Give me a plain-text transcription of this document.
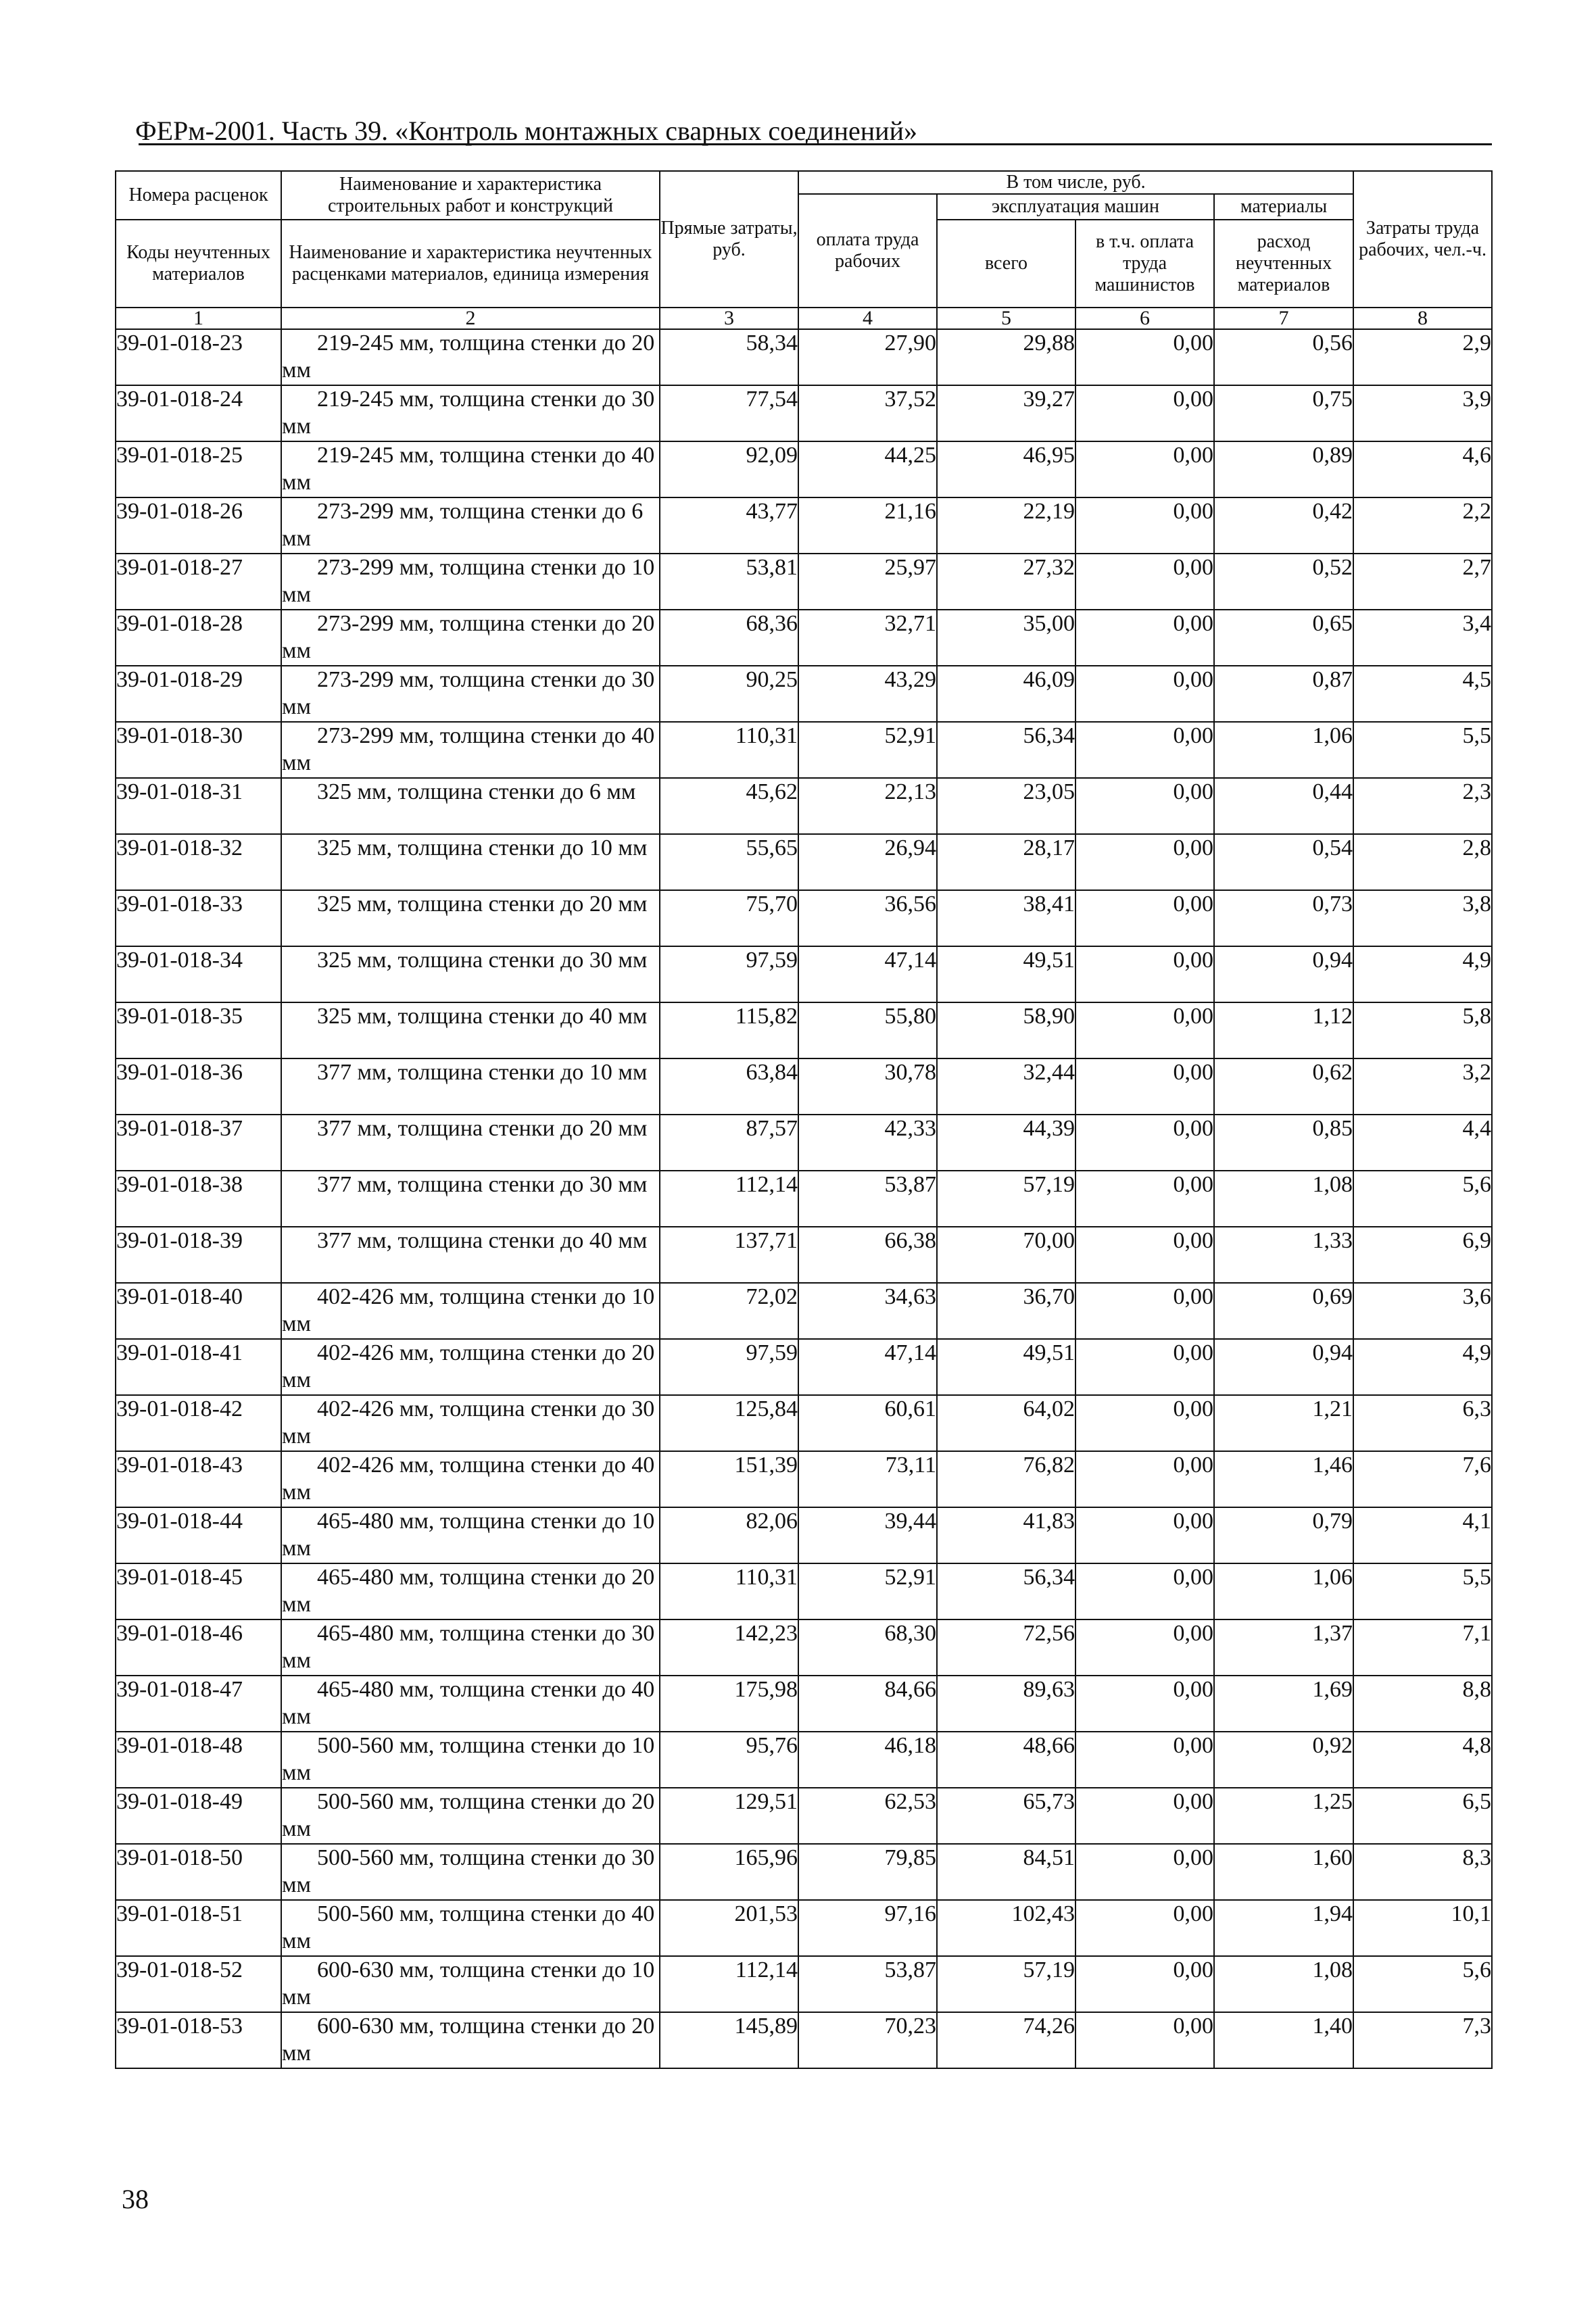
ФЕРм-2001. Часть 39. «Контроль монтажных сварных соединений»
Номера расценок	Наименование и характеристика строительных работ и конструкций	Прямые затраты, руб.	В том числе, руб.				Затраты труда рабочих, чел.-ч.
			оплата труда рабочих	эксплуатация машин		материалы	
Коды неучтенных материалов	Наименование и характеристика неучтенных расценками материалов, единица измерения			всего	в т.ч. оплата труда машинистов	расход неучтенных материалов	

1	2	3	4	5	6	7	8
39-01-018-23	219-245 мм, толщина стенки до 20 мм	58,34	27,90	29,88	0,00	0,56	2,9
39-01-018-24	219-245 мм, толщина стенки до 30 мм	77,54	37,52	39,27	0,00	0,75	3,9
39-01-018-25	219-245 мм, толщина стенки до 40 мм	92,09	44,25	46,95	0,00	0,89	4,6
39-01-018-26	273-299 мм, толщина стенки до 6 мм	43,77	21,16	22,19	0,00	0,42	2,2
39-01-018-27	273-299 мм, толщина стенки до 10 мм	53,81	25,97	27,32	0,00	0,52	2,7
39-01-018-28	273-299 мм, толщина стенки до 20 мм	68,36	32,71	35,00	0,00	0,65	3,4
39-01-018-29	273-299 мм, толщина стенки до 30 мм	90,25	43,29	46,09	0,00	0,87	4,5
39-01-018-30	273-299 мм, толщина стенки до 40 мм	110,31	52,91	56,34	0,00	1,06	5,5
39-01-018-31	325 мм, толщина стенки до 6 мм	45,62	22,13	23,05	0,00	0,44	2,3
39-01-018-32	325 мм, толщина стенки до 10 мм	55,65	26,94	28,17	0,00	0,54	2,8
39-01-018-33	325 мм, толщина стенки до 20 мм	75,70	36,56	38,41	0,00	0,73	3,8
39-01-018-34	325 мм, толщина стенки до 30 мм	97,59	47,14	49,51	0,00	0,94	4,9
39-01-018-35	325 мм, толщина стенки до 40 мм	115,82	55,80	58,90	0,00	1,12	5,8
39-01-018-36	377 мм, толщина стенки до 10 мм	63,84	30,78	32,44	0,00	0,62	3,2
39-01-018-37	377 мм, толщина стенки до 20 мм	87,57	42,33	44,39	0,00	0,85	4,4
39-01-018-38	377 мм, толщина стенки до 30 мм	112,14	53,87	57,19	0,00	1,08	5,6
39-01-018-39	377 мм, толщина стенки до 40 мм	137,71	66,38	70,00	0,00	1,33	6,9
39-01-018-40	402-426 мм, толщина стенки до 10 мм	72,02	34,63	36,70	0,00	0,69	3,6
39-01-018-41	402-426 мм, толщина стенки до 20 мм	97,59	47,14	49,51	0,00	0,94	4,9
39-01-018-42	402-426 мм, толщина стенки до 30 мм	125,84	60,61	64,02	0,00	1,21	6,3
39-01-018-43	402-426 мм, толщина стенки до 40 мм	151,39	73,11	76,82	0,00	1,46	7,6
39-01-018-44	465-480 мм, толщина стенки до 10 мм	82,06	39,44	41,83	0,00	0,79	4,1
39-01-018-45	465-480 мм, толщина стенки до 20 мм	110,31	52,91	56,34	0,00	1,06	5,5
39-01-018-46	465-480 мм, толщина стенки до 30 мм	142,23	68,30	72,56	0,00	1,37	7,1
39-01-018-47	465-480 мм, толщина стенки до 40 мм	175,98	84,66	89,63	0,00	1,69	8,8
39-01-018-48	500-560 мм, толщина стенки до 10 мм	95,76	46,18	48,66	0,00	0,92	4,8
39-01-018-49	500-560 мм, толщина стенки до 20 мм	129,51	62,53	65,73	0,00	1,25	6,5
39-01-018-50	500-560 мм, толщина стенки до 30 мм	165,96	79,85	84,51	0,00	1,60	8,3
39-01-018-51	500-560 мм, толщина стенки до 40 мм	201,53	97,16	102,43	0,00	1,94	10,1
39-01-018-52	600-630 мм, толщина стенки до 10 мм	112,14	53,87	57,19	0,00	1,08	5,6
39-01-018-53	600-630 мм, толщина стенки до 20 мм	145,89	70,23	74,26	0,00	1,40	7,3
38
